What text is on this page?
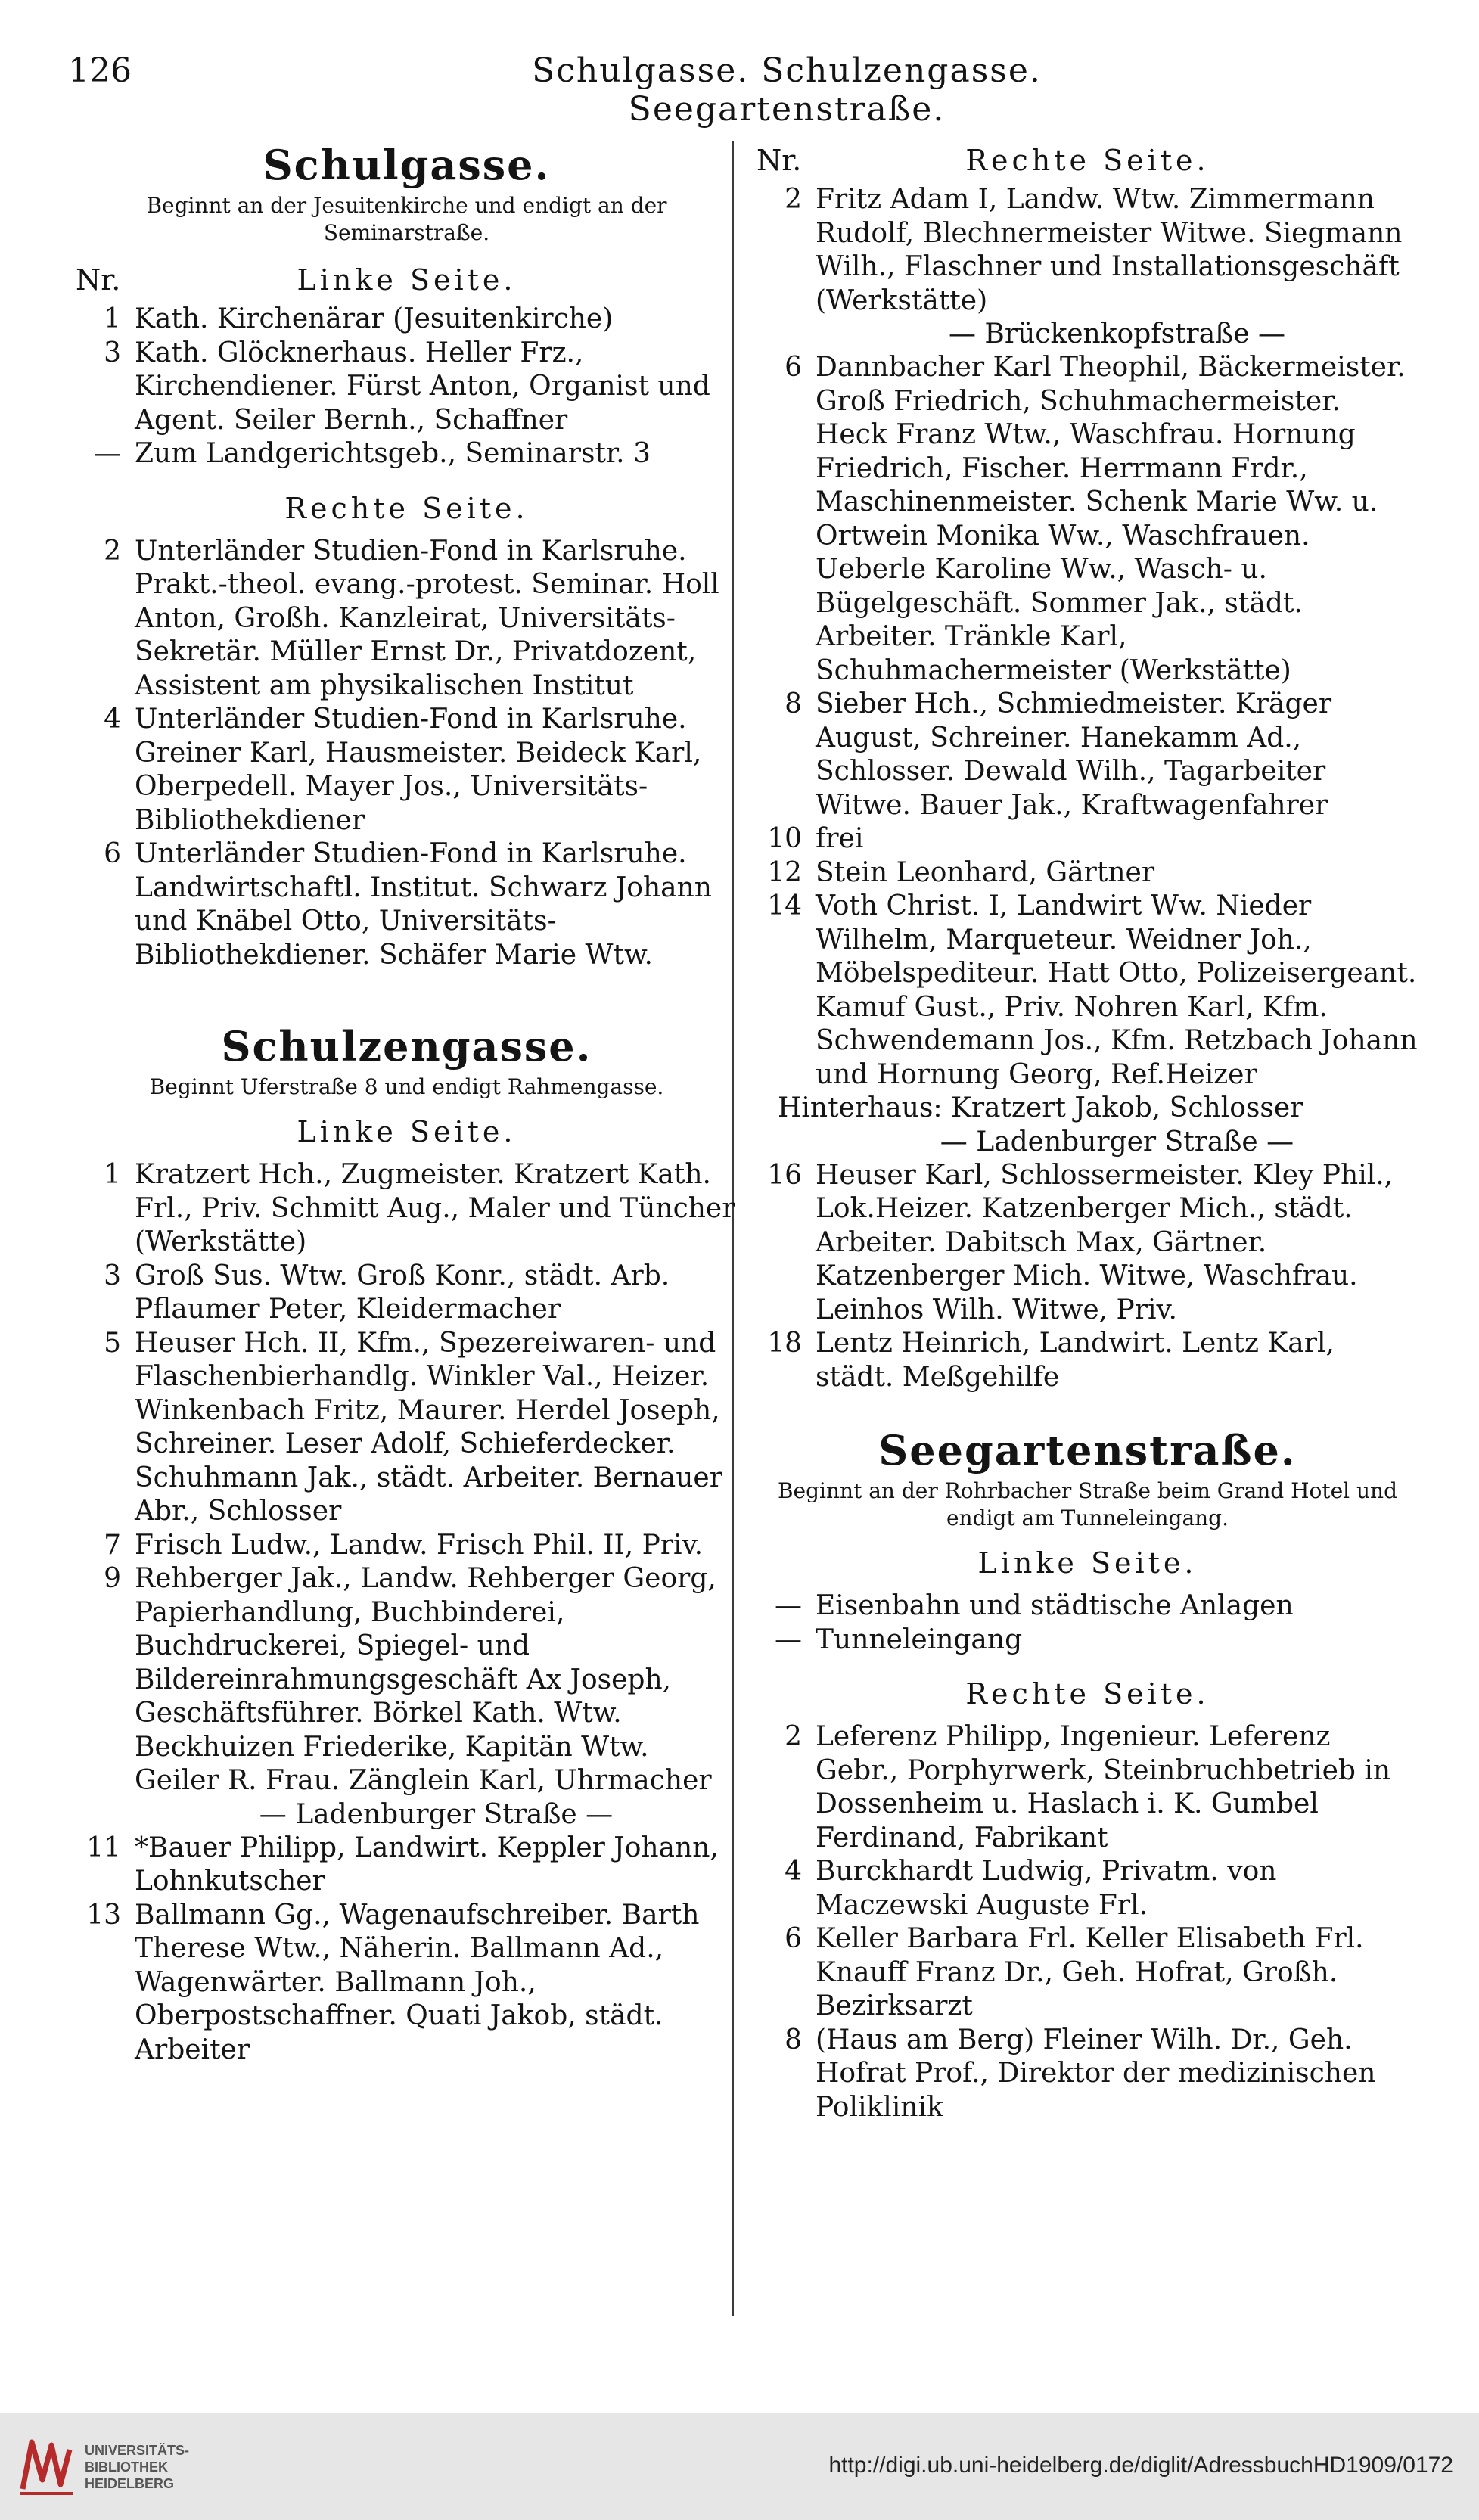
126	Schulgasse. Schulzengasse. Seegartenstraße.
Schulgasse.
Beginnt an der Jesuitenkirche und endigt an der Seminarstraße.
Nr.	Linke Seite.
1 Kath. Kirchenärar (Jesuitenkirche)
3 Kath. Glöcknerhaus. Heller Frz., Kirchendiener. Fürst Anton, Organist und Agent. Seiler Bernh., Schaffner
— Zum Landgerichtsgeb., Seminarstr. 3
Rechte Seite.
2 Unterländer Studien-Fond in Karlsruhe. Prakt.-theol. evang.-protest. Seminar. Holl Anton, Großh. Kanzleirat, Universitäts-Sekretär. Müller Ernst Dr., Privatdozent, Assistent am physikalischen Institut
4 Unterländer Studien-Fond in Karlsruhe. Greiner Karl, Hausmeister. Beideck Karl, Oberpedell. Mayer Jos., Universitäts-Bibliothekdiener
6 Unterländer Studien-Fond in Karlsruhe. Landwirtschaftl. Institut. Schwarz Johann und Knäbel Otto, Universitäts-Bibliothekdiener. Schäfer Marie Wtw.
Schulzengasse.
Beginnt Uferstraße 8 und endigt Rahmengasse.
Linke Seite.
1 Kratzert Hch., Zugmeister. Kratzert Kath. Frl., Priv. Schmitt Aug., Maler und Tüncher (Werkstätte)
3 Groß Sus. Wtw. Groß Konr., städt. Arb. Pflaumer Peter, Kleidermacher
5 Heuser Hch. II, Kfm., Spezereiwaren- und Flaschenbierhandlg. Winkler Val., Heizer. Winkenbach Fritz, Maurer. Herdel Joseph, Schreiner. Leser Adolf, Schieferdecker. Schuhmann Jak., städt. Arbeiter. Bernauer Abr., Schlosser
7 Frisch Ludw., Landw. Frisch Phil. II, Priv.
9 Rehberger Jak., Landw. Rehberger Georg, Papierhandlung, Buchbinderei, Buchdruckerei, Spiegel- und Bildereinrahmungsgeschäft Ax Joseph, Geschäftsführer. Börkel Kath. Wtw. Beckhuizen Friederike, Kapitän Wtw. Geiler R. Frau. Zänglein Karl, Uhrmacher
— Ladenburger Straße —
11 *Bauer Philipp, Landwirt. Keppler Johann, Lohnkutscher
13 Ballmann Gg., Wagenaufschreiber. Barth Therese Wtw., Näherin. Ballmann Ad., Wagenwärter. Ballmann Joh., Oberpostschaffner. Quati Jakob, städt. Arbeiter
Nr.	Rechte Seite.
2 Fritz Adam I, Landw. Wtw. Zimmermann Rudolf, Blechnermeister Witwe. Siegmann Wilh., Flaschner und Installationsgeschäft (Werkstätte)
— Brückenkopfstraße —
6 Dannbacher Karl Theophil, Bäckermeister. Groß Friedrich, Schuhmachermeister. Heck Franz Wtw., Waschfrau. Hornung Friedrich, Fischer. Herrmann Frdr., Maschinenmeister. Schenk Marie Ww. u. Ortwein Monika Ww., Waschfrauen. Ueberle Karoline Ww., Wasch- u. Bügelgeschäft. Sommer Jak., städt. Arbeiter. Tränkle Karl, Schuhmachermeister (Werkstätte)
8 Sieber Hch., Schmiedmeister. Kräger August, Schreiner. Hanekamm Ad., Schlosser. Dewald Wilh., Tagarbeiter Witwe. Bauer Jak., Kraftwagenfahrer
10 frei
12 Stein Leonhard, Gärtner
14 Voth Christ. I, Landwirt Ww. Nieder Wilhelm, Marqueteur. Weidner Joh., Möbelspediteur. Hatt Otto, Polizeisergeant. Kamuf Gust., Priv. Nohren Karl, Kfm. Schwendemann Jos., Kfm. Retzbach Johann und Hornung Georg, Ref.Heizer
Hinterhaus: Kratzert Jakob, Schlosser
— Ladenburger Straße —
16 Heuser Karl, Schlossermeister. Kley Phil., Lok.Heizer. Katzenberger Mich., städt. Arbeiter. Dabitsch Max, Gärtner. Katzenberger Mich. Witwe, Waschfrau. Leinhos Wilh. Witwe, Priv.
18 Lentz Heinrich, Landwirt. Lentz Karl, städt. Meßgehilfe
Seegartenstraße.
Beginnt an der Rohrbacher Straße beim Grand Hotel und endigt am Tunneleingang.
Linke Seite.
— Eisenbahn und städtische Anlagen
— Tunneleingang
Rechte Seite.
2 Leferenz Philipp, Ingenieur. Leferenz Gebr., Porphyrwerk, Steinbruchbetrieb in Dossenheim u. Haslach i. K. Gumbel Ferdinand, Fabrikant
4 Burckhardt Ludwig, Privatm. von Maczewski Auguste Frl.
6 Keller Barbara Frl. Keller Elisabeth Frl. Knauff Franz Dr., Geh. Hofrat, Großh. Bezirksarzt
8 (Haus am Berg) Fleiner Wilh. Dr., Geh. Hofrat Prof., Direktor der medizinischen Poliklinik
UNIVERSITÄTS-
BIBLIOTHEK
HEIDELBERG
http://digi.ub.uni-heidelberg.de/diglit/AdressbuchHD1909/0172
